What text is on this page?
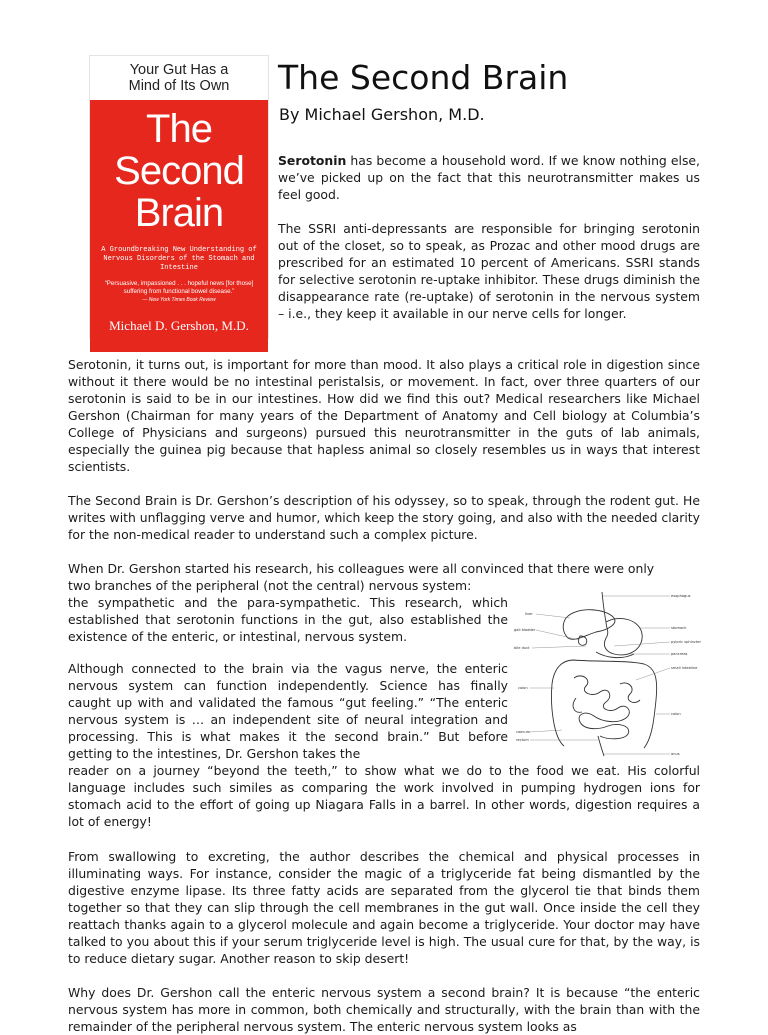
Your Gut Has a
Mind of Its Own
The
Second
Brain
A Groundbreaking New Understanding of Nervous Disorders of the Stomach and Intestine
“Persuasive, impassioned . . . hopeful news [for those] suffering from functional bowel disease.”
— New York Times Book Review
Michael D. Gershon, M.D.
The Second Brain
By Michael Gershon, M.D.

Serotonin has become a household word. If we know nothing else, we’ve picked up on the fact that this neurotransmitter makes us feel good.

The SSRI anti-depressants are responsible for bringing serotonin out of the closet, so to speak, as Prozac and other mood drugs are prescribed for an estimated 10 percent of Americans. SSRI stands for selective serotonin re-uptake inhibitor. These drugs diminish the disappearance rate (re-uptake) of serotonin in the nervous system – i.e., they keep it available in our nerve cells for longer.

Serotonin, it turns out, is important for more than mood. It also plays a critical role in digestion since without it there would be no intestinal peristalsis, or movement. In fact, over three quarters of our serotonin is said to be in our intestines. How did we find this out? Medical researchers like Michael Gershon (Chairman for many years of the Department of Anatomy and Cell biology at Columbia’s College of Physicians and surgeons) pursued this neurotransmitter in the guts of lab animals, especially the guinea pig because that hapless animal so closely resembles us in ways that interest scientists.

The Second Brain is Dr. Gershon’s description of his odyssey, so to speak, through the rodent gut. He writes with unflagging verve and humor, which keep the story going, and also with the needed clarity for the non-medical reader to understand such a complex picture.

When Dr. Gershon started his research, his colleagues were all convinced that there were only

two branches of the peripheral (not the central) nervous system:

the sympathetic and the para-sympathetic. This research, which established that serotonin functions in the gut, also established the existence of the enteric, or intestinal, nervous system.

Although connected to the brain via the vagus nerve, the enteric nervous system can function independently. Science has finally caught up with and validated the famous “gut feeling.” “The enteric nervous system is … an independent site of neural integration and processing. This is what makes it the second brain.” But before getting to the intestines, Dr. Gershon takes the

reader on a journey “beyond the teeth,” to show what we do to the food we eat. His colorful language includes such similes as comparing the work involved in pumping hydrogen ions for stomach acid to the effort of going up Niagara Falls in a barrel. In other words, digestion requires a lot of energy!

From swallowing to excreting, the author describes the chemical and physical processes in illuminating ways. For instance, consider the magic of a triglyceride fat being dismantled by the digestive enzyme lipase. Its three fatty acids are separated from the glycerol tie that binds them together so that they can slip through the cell membranes in the gut wall. Once inside the cell they reattach thanks again to a glycerol molecule and again become a triglyceride. Your doctor may have talked to you about this if your serum triglyceride level is high. The usual cure for that, by the way, is to reduce dietary sugar. Another reason to skip desert!

Why does Dr. Gershon call the enteric nervous system a second brain? It is because “the enteric nervous system has more in common, both chemically and structurally, with the brain than with the remainder of the peripheral nervous system. The enteric nervous system looks as

esophagus
liver
gall bladder
bile duct
stomach
pyloric sphincter
pancreas
small intestine
colon
colon
caecum
rectum
anus
